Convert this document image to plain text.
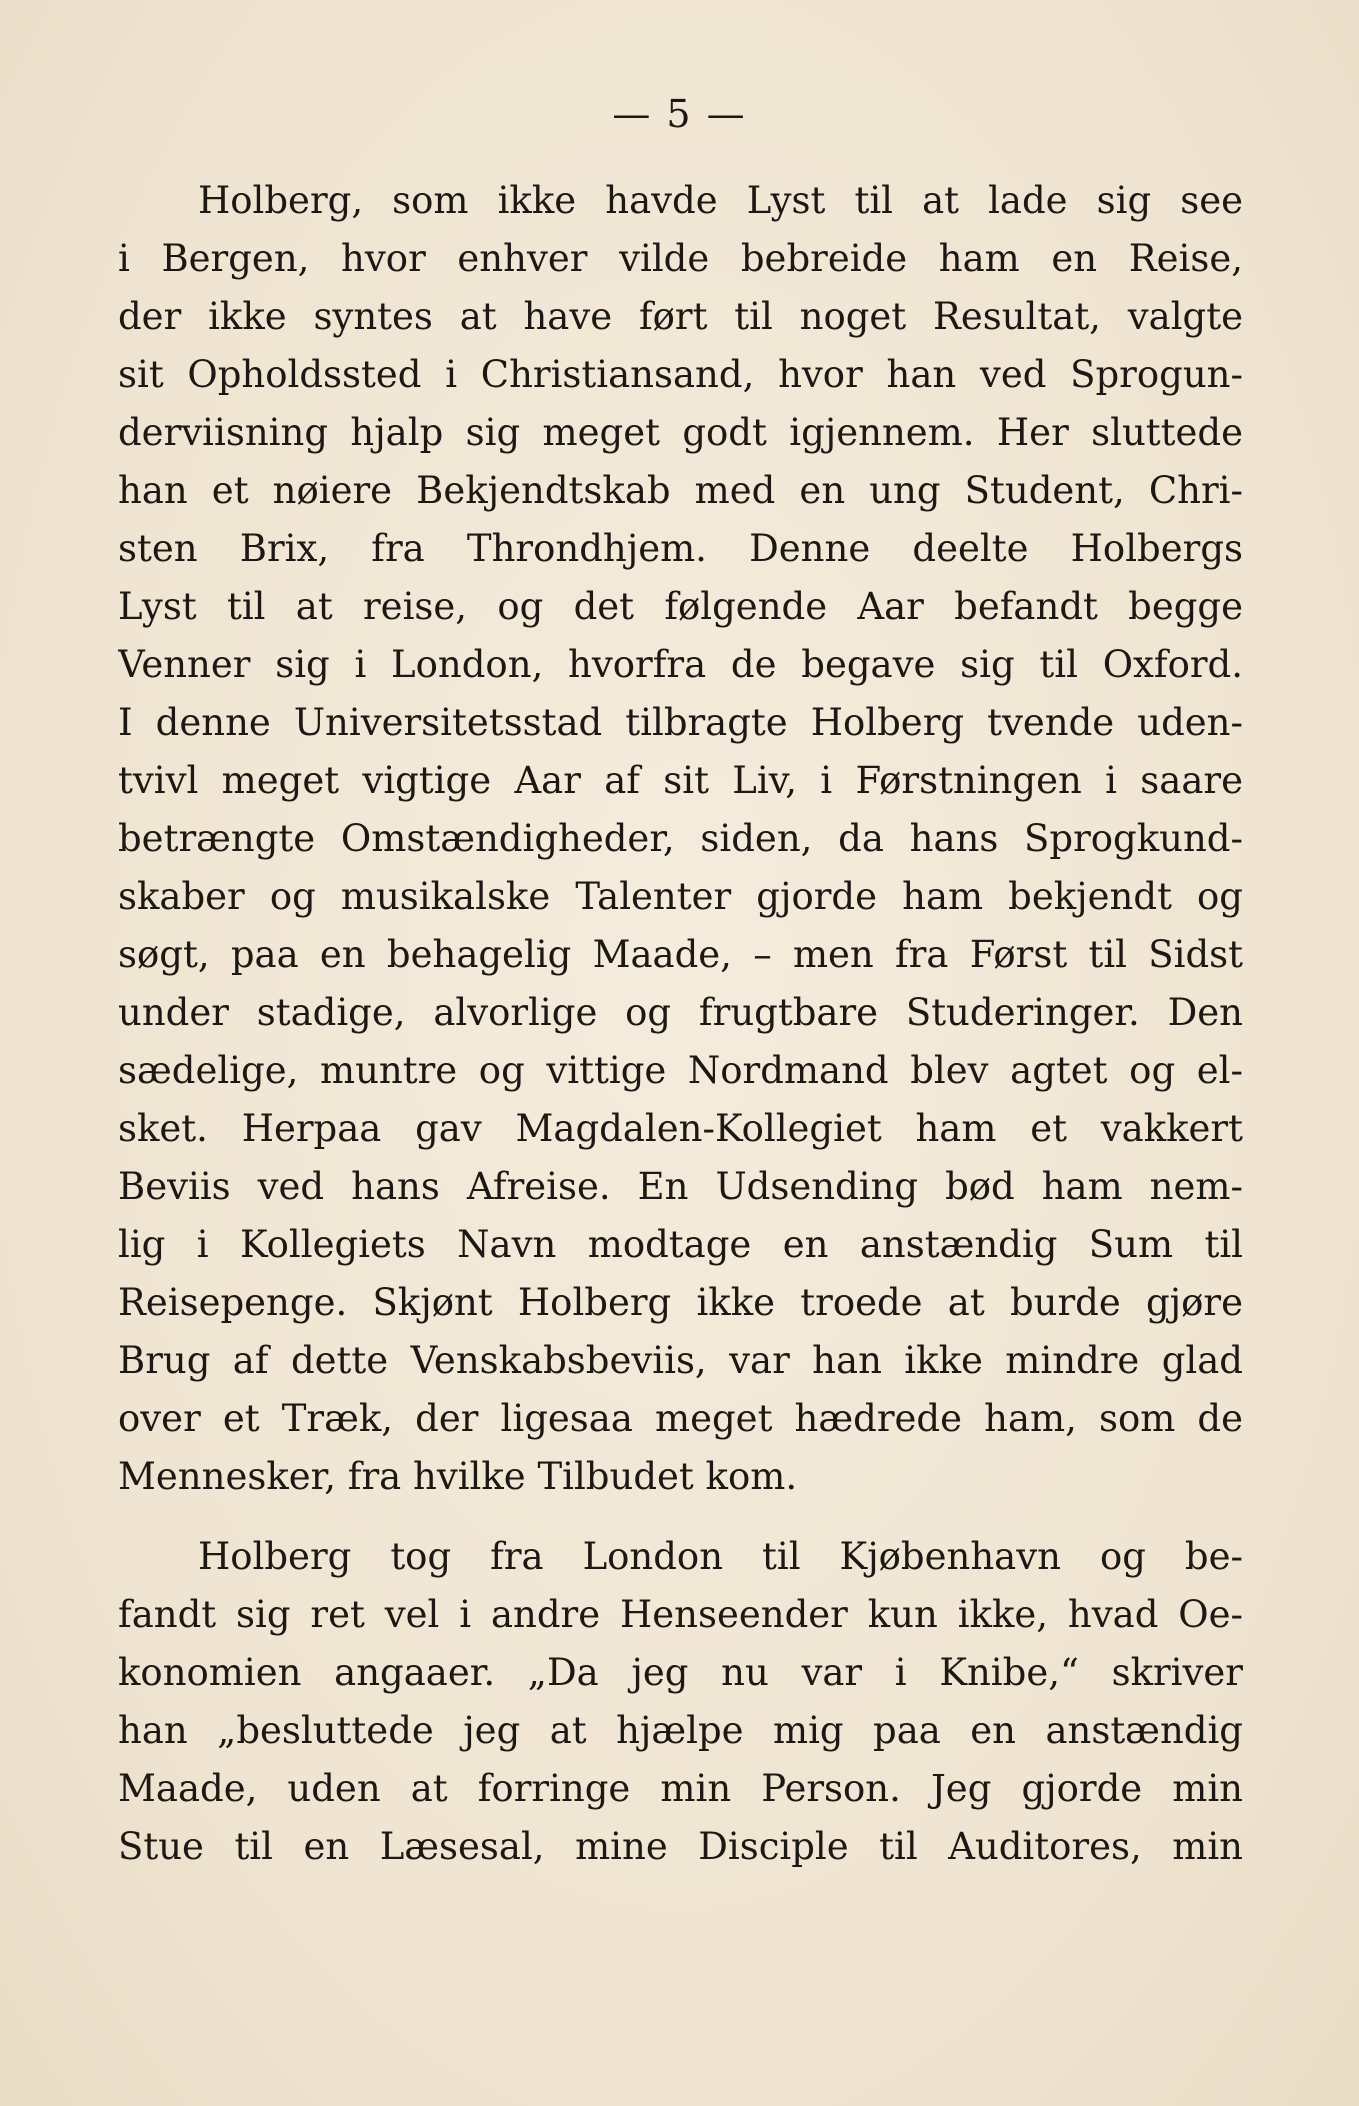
— 5 —
Holberg, som ikke havde Lyst til at lade sig see
i Bergen, hvor enhver vilde bebreide ham en Reise,
der ikke syntes at have ført til noget Resultat, valgte
sit Opholdssted i Christiansand, hvor han ved Sprogun-
derviisning hjalp sig meget godt igjennem. Her sluttede
han et nøiere Bekjendtskab med en ung Student, Chri-
sten Brix, fra Throndhjem. Denne deelte Holbergs
Lyst til at reise, og det følgende Aar befandt begge
Venner sig i London, hvorfra de begave sig til Oxford.
I denne Universitetsstad tilbragte Holberg tvende uden-
tvivl meget vigtige Aar af sit Liv, i Førstningen i saare
betrængte Omstændigheder, siden, da hans Sprogkund-
skaber og musikalske Talenter gjorde ham bekjendt og
søgt, paa en behagelig Maade, – men fra Først til Sidst
under stadige, alvorlige og frugtbare Studeringer. Den
sædelige, muntre og vittige Nordmand blev agtet og el-
sket. Herpaa gav Magdalen-Kollegiet ham et vakkert
Beviis ved hans Afreise. En Udsending bød ham nem-
lig i Kollegiets Navn modtage en anstændig Sum til
Reisepenge. Skjønt Holberg ikke troede at burde gjøre
Brug af dette Venskabsbeviis, var han ikke mindre glad
over et Træk, der ligesaa meget hædrede ham, som de
Mennesker, fra hvilke Tilbudet kom.
Holberg tog fra London til Kjøbenhavn og be-
fandt sig ret vel i andre Henseender kun ikke, hvad Oe-
konomien angaaer. „Da jeg nu var i Knibe,“ skriver
han „besluttede jeg at hjælpe mig paa en anstændig
Maade, uden at forringe min Person. Jeg gjorde min
Stue til en Læsesal, mine Disciple til Auditores, min
